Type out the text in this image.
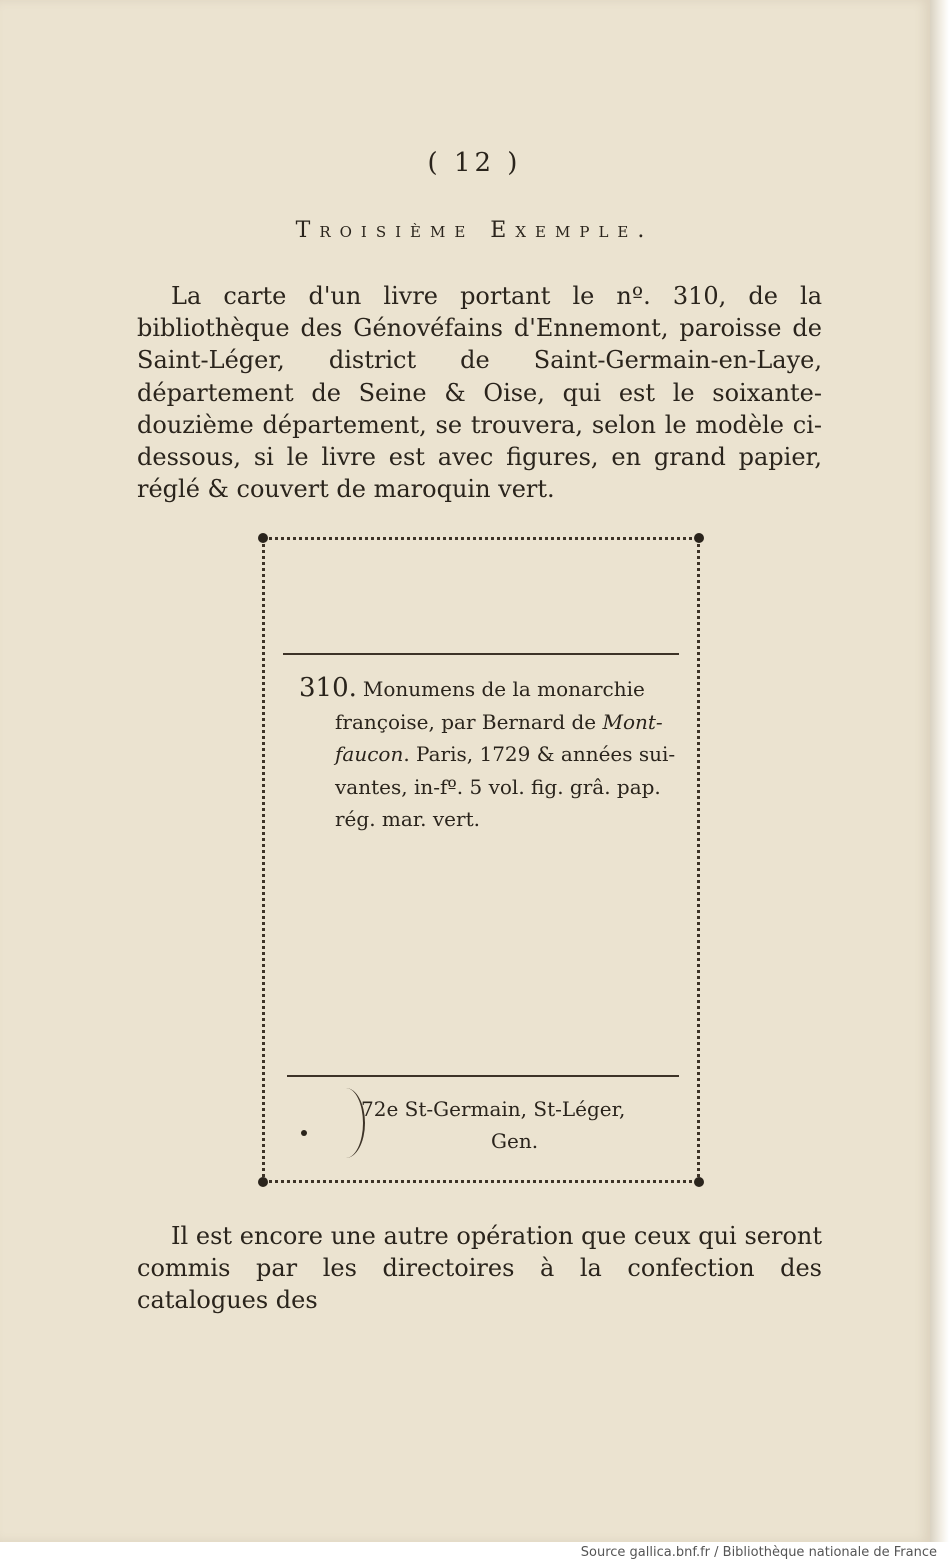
( 12 )
Troisième Exemple.
La carte d'un livre portant le nº. 310, de la bibliothèque des Génovéfains d'Ennemont, paroisse de Saint-Léger, district de Saint-Germain-en-Laye, département de Seine & Oise, qui est le soixante-douzième département, se trouvera, selon le modèle ci-dessous, si le livre est avec figures, en grand papier, réglé & couvert de maroquin vert.
310. Monumens de la monarchie
françoise, par Bernard de Mont-
faucon. Paris, 1729 & années sui-
vantes, in-fº. 5 vol. fig. grâ. pap.
rég. mar. vert.
72e St-Germain, St-Léger,
Gen.
Il est encore une autre opération que ceux qui seront commis par les directoires à la confection des catalogues des
Source gallica.bnf.fr / Bibliothèque nationale de France
